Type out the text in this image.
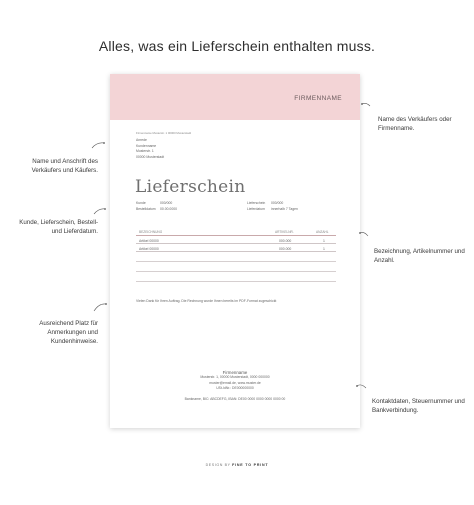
Alles, was ein Lieferschein enthalten muss.
FIRMENNAME
Firmenname Musterstr. 1 00000 Musterstadt
Anrede
Kundenname
Musterstr. 1
00000 Musterstadt
Lieferschein
Kunde	000/000
Bestelldatum 00.00.0000
Lieferschein 000/000
Lieferdatum innerhalb 7 Tagen
BEZEICHNUNG	ARTIKELNR.	ANZAHL
Artikel 00000	000.000	1
Artikel 00000	000.000	1
Vielen Dank für Ihren Auftrag. Die Rechnung wurde Ihnen bereits im PDF-Format zugeschickt
Firmenname
Musterstr. 1, 00000 Musterstadt, 0000 000000
muster@email.de, www.muster.de
USt-IdNr.: DE000000000
Bankname, BIC: ABCDEFG, IBAN: DE00 0000 0000 0000 0000 00
Name und Anschrift des Verkäufers und Käufers.
Kunde, Lieferschein, Bestell- und Lieferdatum.
Ausreichend Platz für Anmerkungen und Kundenhinweise.
Name des Verkäufers oder Firmenname.
Bezeichnung, Artikelnummer und Anzahl.
Kontaktdaten, Steuernummer und Bankverbindung.
DESIGN BY FINE TO PRINT
